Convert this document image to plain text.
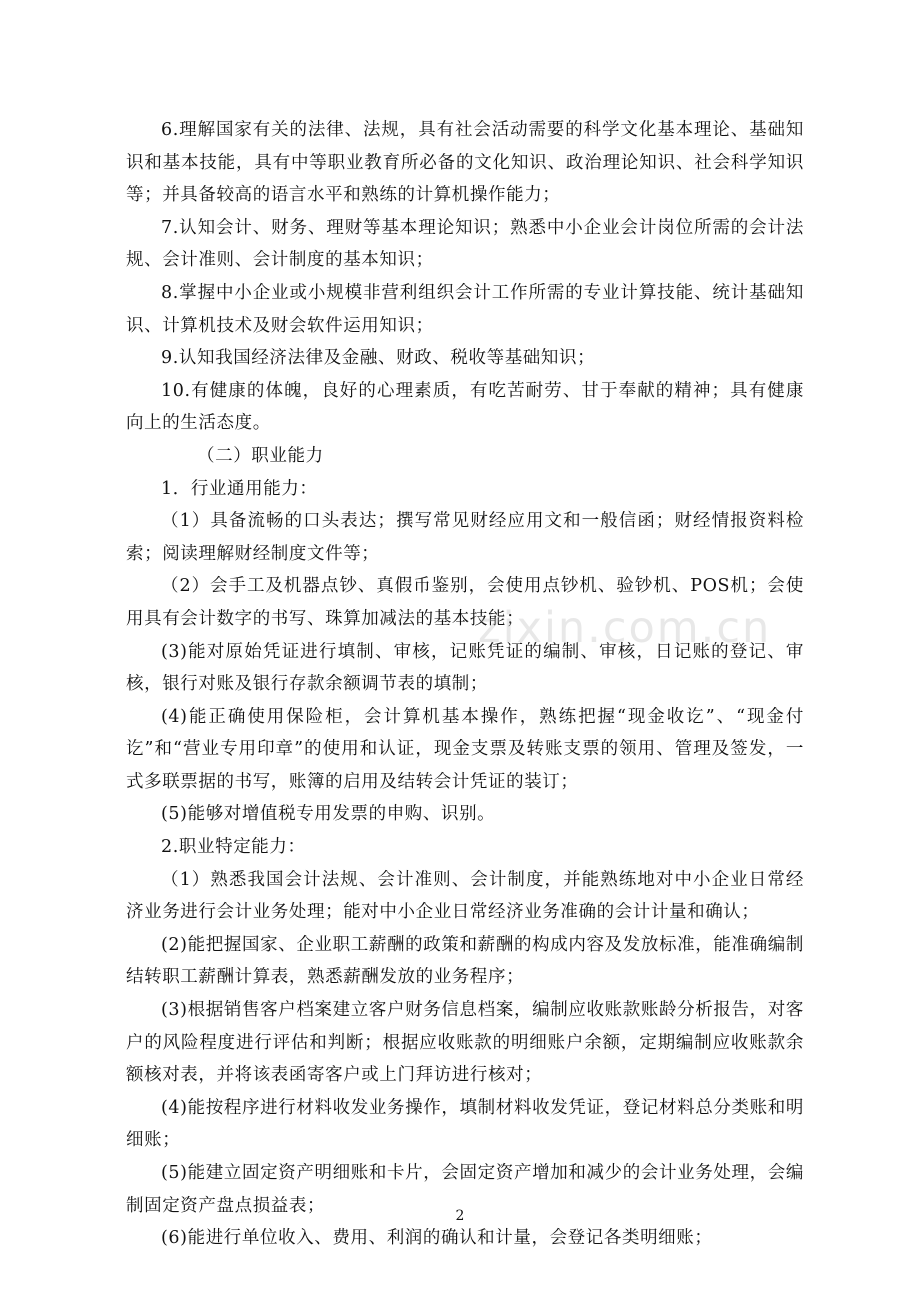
6.理解国家有关的法律、法规，具有社会活动需要的科学文化基本理论、基础知识和基本技能，具有中等职业教育所必备的文化知识、政治理论知识、社会科学知识等；并具备较高的语言水平和熟练的计算机操作能力；

7.认知会计、财务、理财等基本理论知识；熟悉中小企业会计岗位所需的会计法规、会计准则、会计制度的基本知识；

8.掌握中小企业或小规模非营利组织会计工作所需的专业计算技能、统计基础知识、计算机技术及财会软件运用知识；

9.认知我国经济法律及金融、财政、税收等基础知识；

10.有健康的体魄，良好的心理素质，有吃苦耐劳、甘于奉献的精神；具有健康向上的生活态度。

（二）职业能力

1．行业通用能力：

（1）具备流畅的口头表达；撰写常见财经应用文和一般信函；财经情报资料检索；阅读理解财经制度文件等；

（2）会手工及机器点钞、真假币鉴别，会使用点钞机、验钞机、POS机；会使用具有会计数字的书写、珠算加减法的基本技能；

(3)能对原始凭证进行填制、审核，记账凭证的编制、审核，日记账的登记、审核，银行对账及银行存款余额调节表的填制；

(4)能正确使用保险柜，会计算机基本操作，熟练把握“现金收讫”、“现金付讫”和“营业专用印章”的使用和认证，现金支票及转账支票的领用、管理及签发，一式多联票据的书写，账簿的启用及结转会计凭证的装订；

(5)能够对增值税专用发票的申购、识别。

2.职业特定能力：

（1）熟悉我国会计法规、会计准则、会计制度，并能熟练地对中小企业日常经济业务进行会计业务处理；能对中小企业日常经济业务准确的会计计量和确认；

(2)能把握国家、企业职工薪酬的政策和薪酬的构成内容及发放标准，能准确编制结转职工薪酬计算表，熟悉薪酬发放的业务程序；

(3)根据销售客户档案建立客户财务信息档案，编制应收账款账龄分析报告，对客户的风险程度进行评估和判断；根据应收账款的明细账户余额，定期编制应收账款余额核对表，并将该表函寄客户或上门拜访进行核对；

(4)能按程序进行材料收发业务操作，填制材料收发凭证，登记材料总分类账和明细账；

(5)能建立固定资产明细账和卡片，会固定资产增加和减少的会计业务处理，会编制固定资产盘点损益表；

(6)能进行单位收入、费用、利润的确认和计量，会登记各类明细账；

zixin.com.cn
2
